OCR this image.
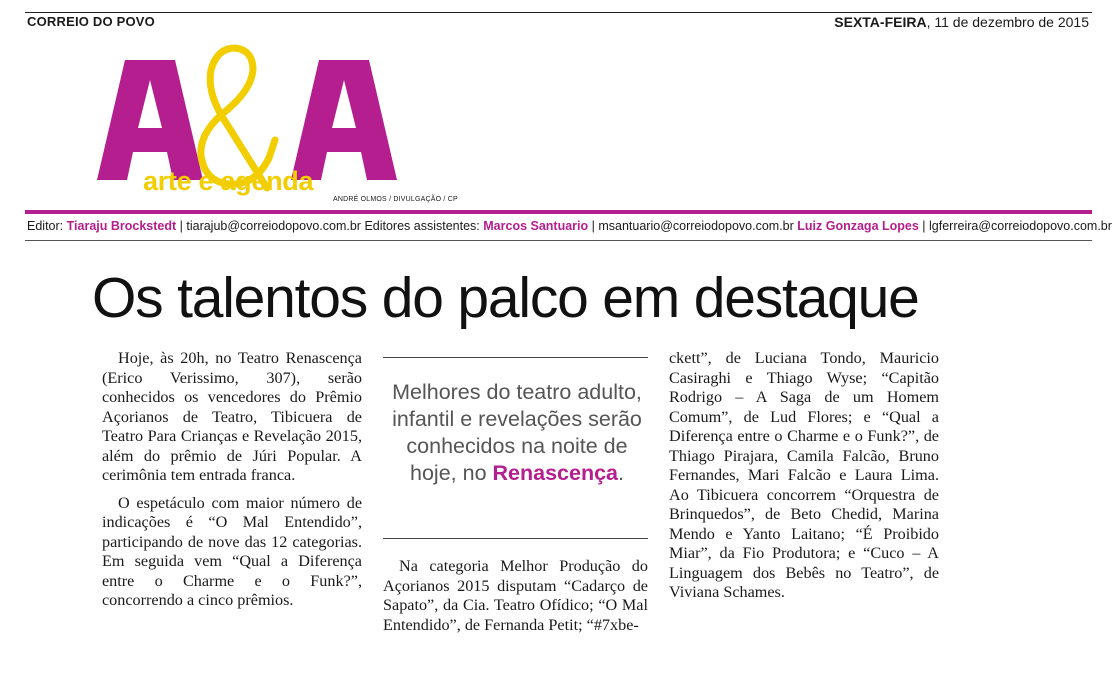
CORREIO DO POVO	SEXTA-FEIRA, 11 de dezembro de 2015
arte e agenda
ANDRÉ OLMOS / DIVULGAÇÃO / CP
Editor: Tiaraju Brockstedt | tiarajub@correiodopovo.com.br Editores assistentes: Marcos Santuario | msantuario@correiodopovo.com.br Luiz Gonzaga Lopes | lgferreira@correiodopovo.com.br
Os talentos do palco em destaque

Hoje, às 20h, no Teatro Renascença (Erico Verissimo, 307), serão conhecidos os vencedores do Prêmio Açorianos de Teatro, Tibicuera de Teatro Para Crianças e Revelação 2015, além do prêmio de Júri Popular. A cerimônia tem entrada franca.

O espetáculo com maior número de indicações é “O Mal Entendido”, participando de nove das 12 categorias. Em seguida vem “Qual a Diferença entre o Charme e o Funk?”, concorrendo a cinco prêmios.

Melhores do teatro adulto, infantil e revelações serão conhecidos na noite de hoje, no Renascença.

Na categoria Melhor Produção do Açorianos 2015 disputam “Cadarço de Sapato”, da Cia. Teatro Ofídico; “O Mal Entendido”, de Fernanda Petit; “#7xbe-

ckett”, de Luciana Tondo, Mauricio Casiraghi e Thiago Wyse; “Capitão Rodrigo – A Saga de um Homem Comum”, de Lud Flores; e “Qual a Diferença entre o Charme e o Funk?”, de Thiago Pirajara, Camila Falcão, Bruno Fernandes, Mari Falcão e Laura Lima. Ao Tibicuera concorrem “Orquestra de Brinquedos”, de Beto Chedid, Marina Mendo e Yanto Laitano; “É Proibido Miar”, da Fio Produtora; e “Cuco – A Linguagem dos Bebês no Teatro”, de Viviana Schames.
